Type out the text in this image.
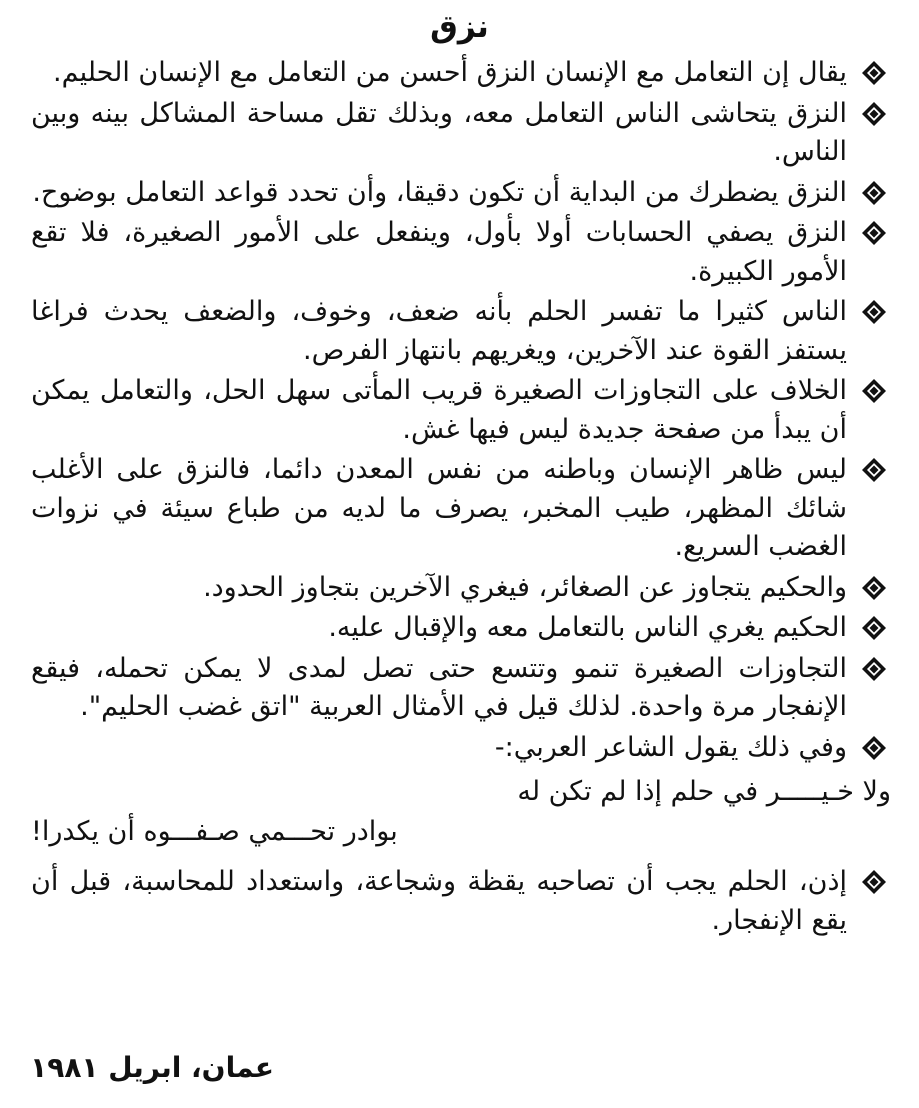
نزق
يقال إن التعامل مع الإنسان النزق أحسن من التعامل مع الإنسان الحليم.
النزق يتحاشى الناس التعامل معه، وبذلك تقل مساحة المشاكل بينه وبين الناس.
النزق يضطرك من البداية أن تكون دقيقا، وأن تحدد قواعد التعامل بوضوح.
النزق يصفي الحسابات أولا بأول، وينفعل على الأمور الصغيرة، فلا تقع الأمور الكبيرة.
الناس كثيرا ما تفسر الحلم بأنه ضعف، وخوف، والضعف يحدث فراغا يستفز القوة عند الآخرين، ويغريهم بانتهاز الفرص.
الخلاف على التجاوزات الصغيرة قريب المأتى سهل الحل، والتعامل يمكن أن يبدأ من صفحة جديدة ليس فيها غش.
ليس ظاهر الإنسان وباطنه من نفس المعدن دائما، فالنزق على الأغلب شائك المظهر، طيب المخبر، يصرف ما لديه من طباع سيئة في نزوات الغضب السريع.
والحكيم يتجاوز عن الصغائر، فيغري الآخرين بتجاوز الحدود.
الحكيم يغري الناس بالتعامل معه والإقبال عليه.
التجاوزات الصغيرة تنمو وتتسع حتى تصل لمدى لا يمكن تحمله، فيقع الإنفجار مرة واحدة. لذلك قيل في الأمثال العربية "اتق غضب الحليم".
وفي ذلك يقول الشاعر العربي:-
ولا خـيـــــر في حلم إذا لم تكن له
بوادر تحـــمي صـفـــوه أن يكدرا!
إذن، الحلم يجب أن تصاحبه يقظة وشجاعة، واستعداد للمحاسبة، قبل أن يقع الإنفجار.
عمان، ابريل ١٩٨١
